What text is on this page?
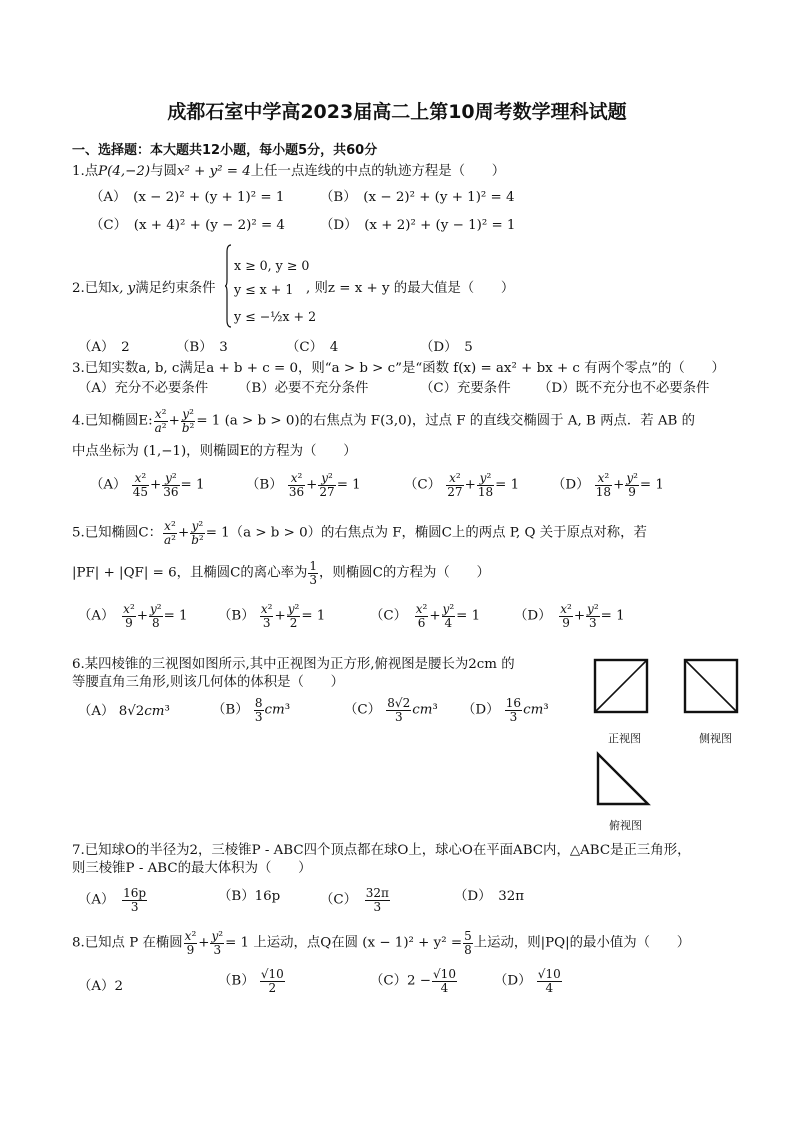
成都石室中学高2023届高二上第10周考数学理科试题
一、选择题：本大题共12小题，每小题5分，共60分
1.点P(4,−2)与圆x² + y² = 4上任一点连线的中点的轨迹方程是（　　）
（A）　(x − 2)² + (y + 1)² = 1	（B）　(x − 2)² + (y + 1)² = 4
（C）　(x + 4)² + (y − 2)² = 4	（D）　(x + 2)² + (y − 1)² = 1
2.已知x, y满足约束条件
x ≥ 0, y ≥ 0
y ≤ x + 1
y ≤ −½x + 2
, 则z = x + y 的最大值是（　　）
（A）　2	（B）　3	（C）　4	（D）　5
3.已知实数a, b, c满足a + b + c = 0，则“a > b > c”是“函数 f(x) = ax² + bx + c 有两个零点”的（　　）
（A）充分不必要条件 （B）必要不充分条件	（C）充要条件 （D）既不充分也不必要条件
4.已知椭圆E: $\frac{\text{x²}}{\text{a²}} + \frac{\text{y²}}{\text{b²}} = 1$ (a > b > 0)的右焦点为 F(3,0)，过点 F 的直线交椭圆于 A, B 两点．若 AB 的
中点坐标为 (1,−1)，则椭圆E的方程为（　　）
$(A) \frac{\text{x²}}{45} + \frac{\text{y²}}{36} = 1$	$(B) \frac{\text{x²}}{36} + \frac{\text{y²}}{27} = 1$	$(C) \frac{\text{x²}}{27} + \frac{\text{y²}}{18} = 1$ $(D) \frac{\text{x²}}{18} + \frac{\text{y²}}{9} = 1$
5.已知椭圆C： $\frac{\text{x²}}{\text{a²}} + \frac{\text{y²}}{\text{b²}} = 1(a > b > 0)$的右焦点为 F，椭圆C上的两点 P, Q 关于原点对称，若
|PF| + |QF| = 6，且椭圆C的离心率为 $\frac{1}{3}$ ，则椭圆C的方程为（　　）
（A）　 $\frac{\text{x²}}{9} + \frac{\text{y²}}{8} = 1$ $(B) \frac{\text{x²}}{3} + \frac{\text{y²}}{2} = 1$	（C）　 $\frac{\text{x²}}{6} + \frac{\text{y²}}{4} = 1$	（D）　 $\frac{\text{x²}}{9} + \frac{\text{y²}}{3} = 1$
6.某四棱锥的三视图如图所示,其中正视图为正方形,俯视图是腰长为2cm 的
等腰直角三角形,则该几何体的体积是（　　）
（A） 8√2cm³	$(B) \frac{8}{3} cm^3$	$(C) \frac{8√2}{3} cm^3$ $(D) \frac{16}{3} cm^3$
正视图	侧视图
俯视图
7.已知球O的半径为2，三棱锥P - ABC四个顶点都在球O上，球心O在平面ABC内，△ABC是正三角形，
则三棱锥P - ABC的最大体积为（　　）
（A）　 $\frac{16p}{3}$	（B）16p	（C）　 $\frac{32\pi}{3}$	（D）　32π
8.已知点 P 在椭圆 $\frac{\text{x²}}{9} + \frac{\text{y²}}{3} = 1$ 上运动，点Q在圆 $(x - 1)^2 + y^2 = \frac{5}{8}$ 上运动，则|PQ|的最小值为（　　）
（A）2	$(B) \frac{√10}{2}$	$(C)2 - \frac{√10}{4}$	$(D) \frac{√10}{4}$
